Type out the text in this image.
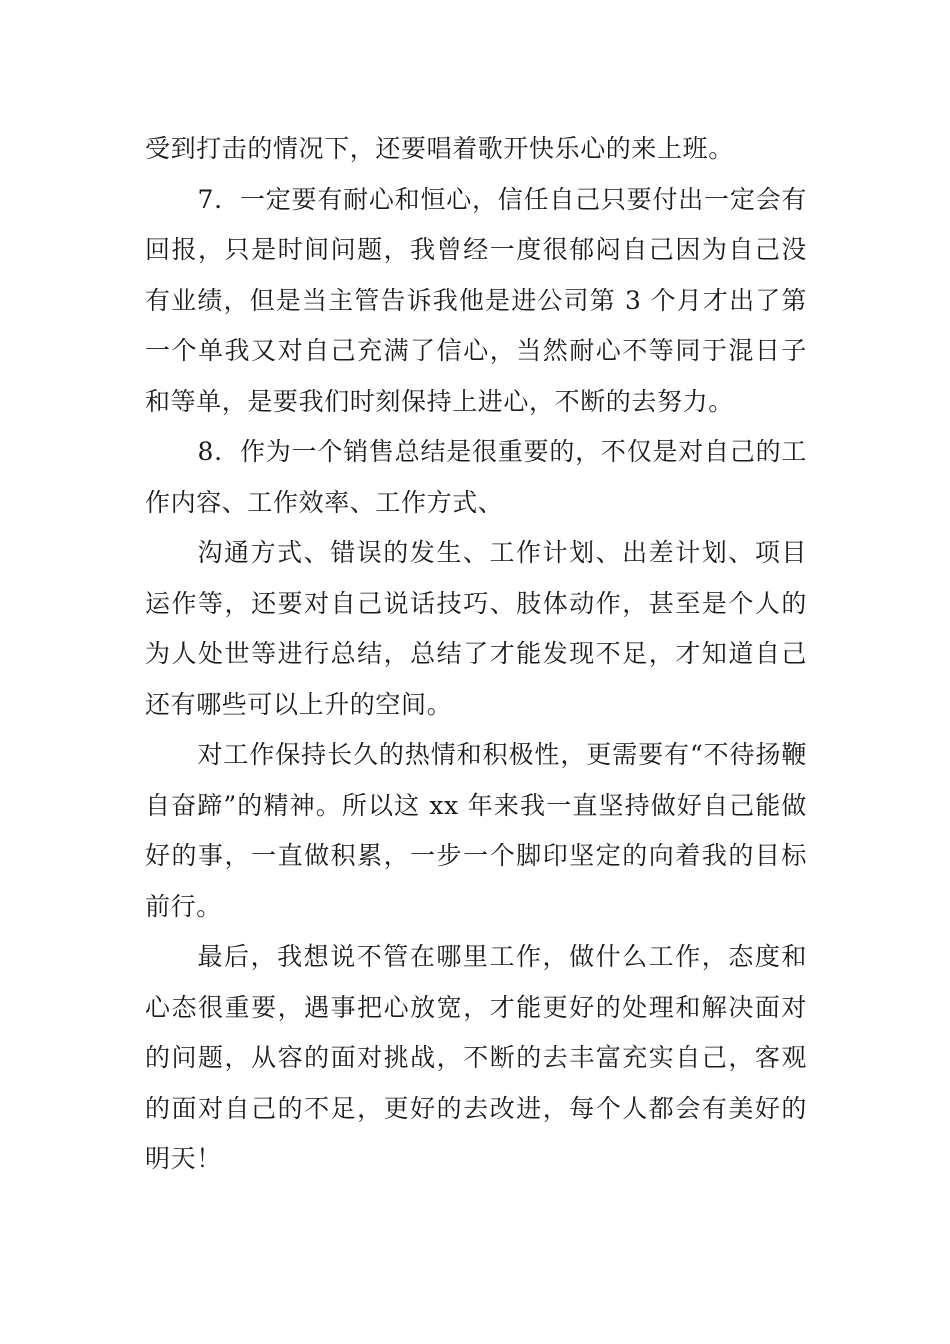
受到打击的情况下，还要唱着歌开快乐心的来上班。

7．一定要有耐心和恒心，信任自己只要付出一定会有回报，只是时间问题，我曾经一度很郁闷自己因为自己没有业绩，但是当主管告诉我他是进公司第 3 个月才出了第一个单我又对自己充满了信心，当然耐心不等同于混日子和等单，是要我们时刻保持上进心，不断的去努力。

8．作为一个销售总结是很重要的，不仅是对自己的工作内容、工作效率、工作方式、

沟通方式、错误的发生、工作计划、出差计划、项目运作等，还要对自己说话技巧、肢体动作，甚至是个人的为人处世等进行总结，总结了才能发现不足，才知道自己还有哪些可以上升的空间。

对工作保持长久的热情和积极性，更需要有“不待扬鞭自奋蹄”的精神。所以这 xx 年来我一直坚持做好自己能做好的事，一直做积累，一步一个脚印坚定的向着我的目标前行。

最后，我想说不管在哪里工作，做什么工作，态度和心态很重要，遇事把心放宽，才能更好的处理和解决面对的问题，从容的面对挑战，不断的去丰富充实自己，客观的面对自己的不足，更好的去改进，每个人都会有美好的明天！
